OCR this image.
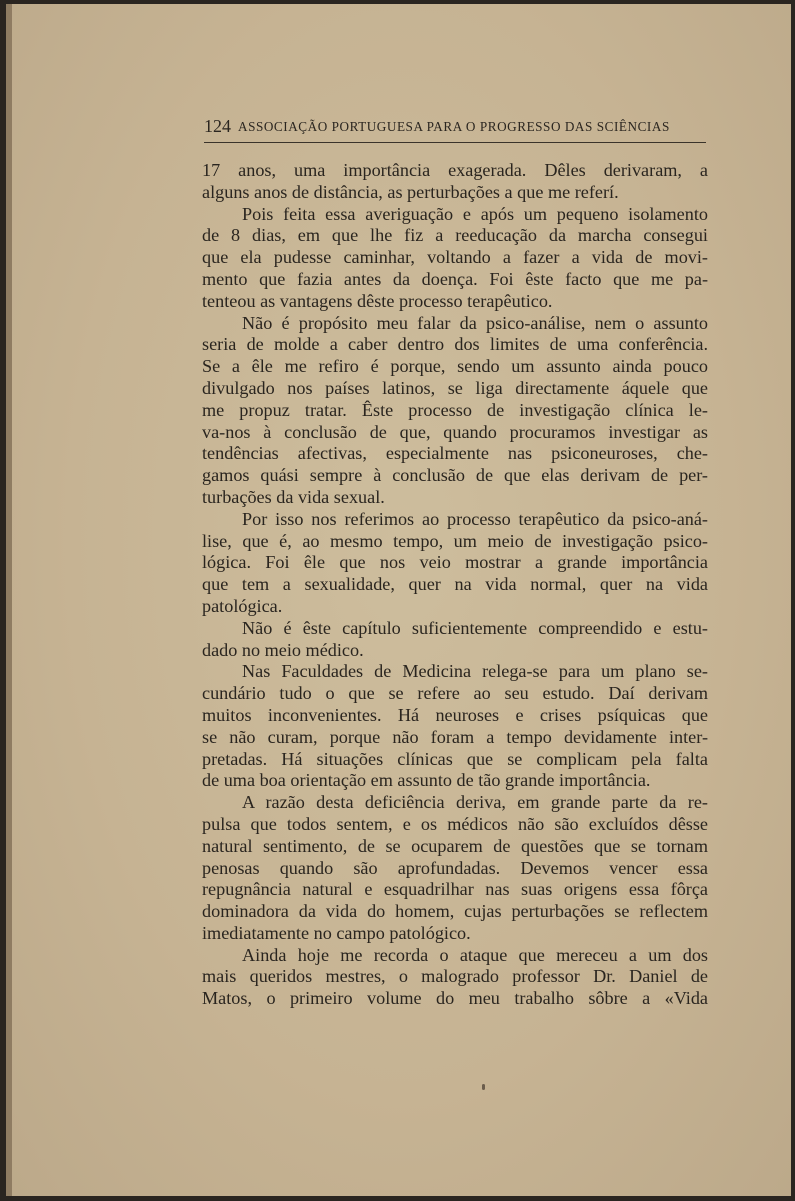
124 ASSOCIAÇÃO PORTUGUESA PARA O PROGRESSO DAS SCIÊNCIAS
17 anos, uma importância exagerada. Dêles derivaram, a
alguns anos de distância, as perturbações a que me referí.
Pois feita essa averiguação e após um pequeno isolamento
de 8 dias, em que lhe fiz a reeducação da marcha consegui
que ela pudesse caminhar, voltando a fazer a vida de movi-
mento que fazia antes da doença. Foi êste facto que me pa-
tenteou as vantagens dêste processo terapêutico.
Não é propósito meu falar da psico-análise, nem o assunto
seria de molde a caber dentro dos limites de uma conferência.
Se a êle me refiro é porque, sendo um assunto ainda pouco
divulgado nos países latinos, se liga directamente áquele que
me propuz tratar. Êste processo de investigação clínica le-
va-nos à conclusão de que, quando procuramos investigar as
tendências afectivas, especialmente nas psiconeuroses, che-
gamos quási sempre à conclusão de que elas derivam de per-
turbações da vida sexual.
Por isso nos referimos ao processo terapêutico da psico-aná-
lise, que é, ao mesmo tempo, um meio de investigação psico-
lógica. Foi êle que nos veio mostrar a grande importância
que tem a sexualidade, quer na vida normal, quer na vida
patológica.
Não é êste capítulo suficientemente compreendido e estu-
dado no meio médico.
Nas Faculdades de Medicina relega-se para um plano se-
cundário tudo o que se refere ao seu estudo. Daí derivam
muitos inconvenientes. Há neuroses e crises psíquicas que
se não curam, porque não foram a tempo devidamente inter-
pretadas. Há situações clínicas que se complicam pela falta
de uma boa orientação em assunto de tão grande importância.
A razão desta deficiência deriva, em grande parte da re-
pulsa que todos sentem, e os médicos não são excluídos dêsse
natural sentimento, de se ocuparem de questões que se tornam
penosas quando são aprofundadas. Devemos vencer essa
repugnância natural e esquadrilhar nas suas origens essa fôrça
dominadora da vida do homem, cujas perturbações se reflectem
imediatamente no campo patológico.
Ainda hoje me recorda o ataque que mereceu a um dos
mais queridos mestres, o malogrado professor Dr. Daniel de
Matos, o primeiro volume do meu trabalho sôbre a «Vida
